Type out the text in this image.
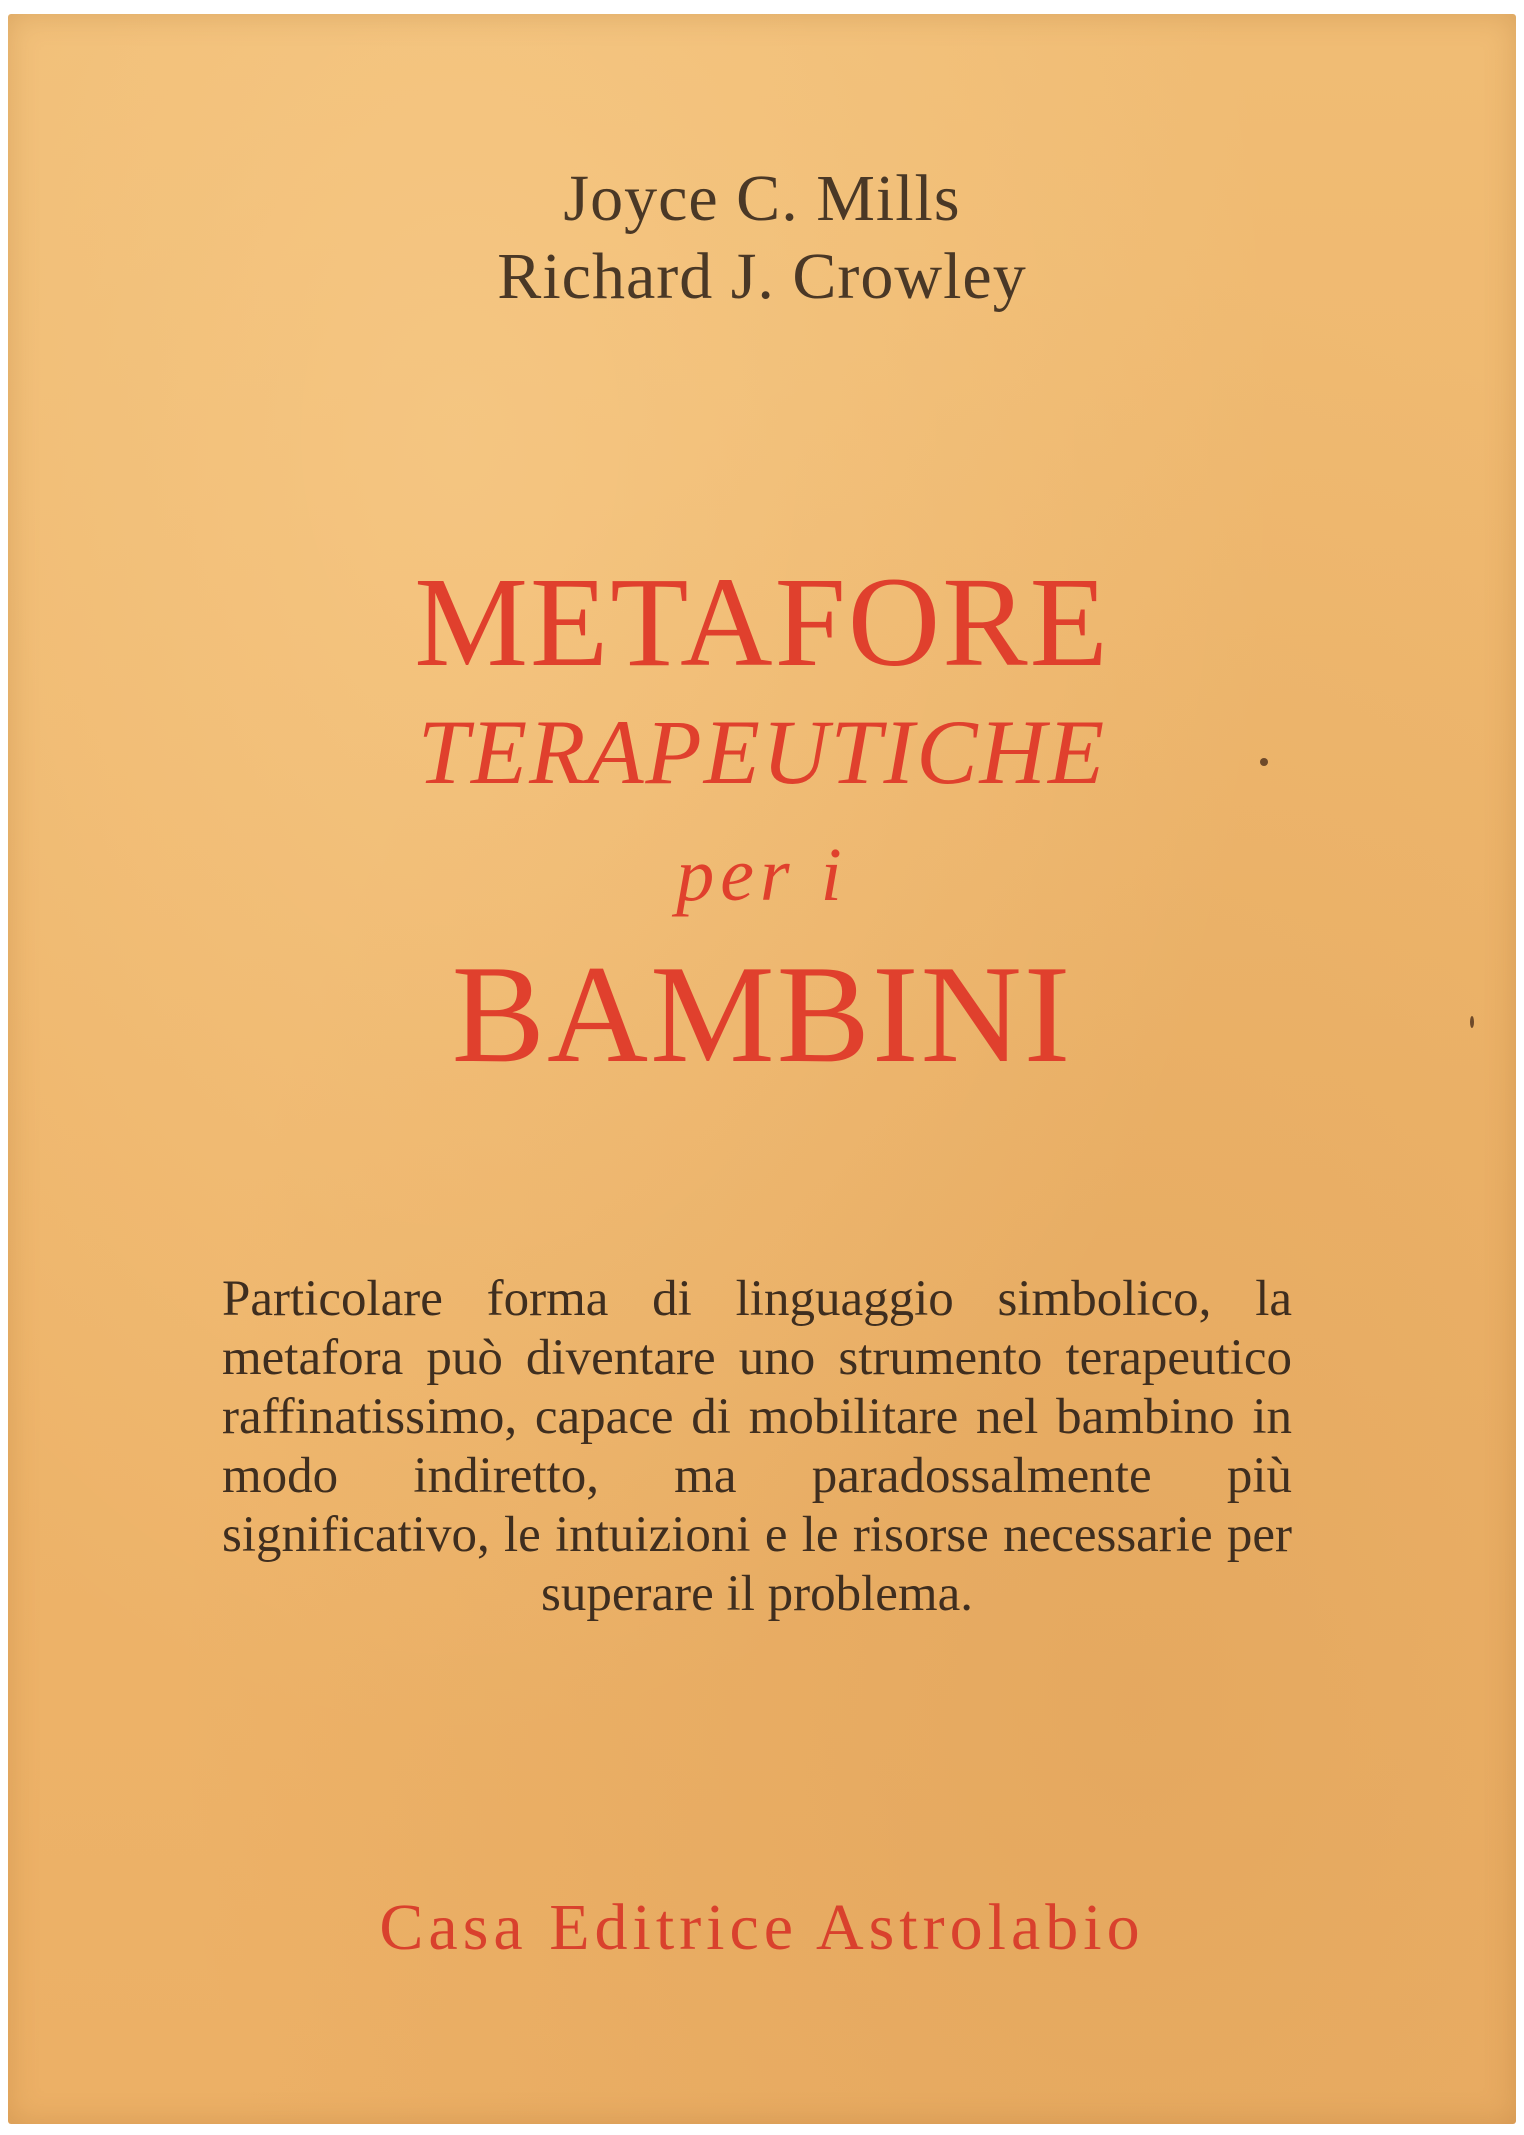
Joyce C. Mills
Richard J. Crowley
METAFORE
TERAPEUTICHE
per i
BAMBINI
Particolare forma di linguaggio simbolico, la metafora può diventare uno strumento terapeutico raffinatissimo, capace di mobilitare nel bambino in modo indiretto, ma paradossalmente più significativo, le intuizioni e le risorse necessarie per superare il problema.
Casa Editrice Astrolabio
